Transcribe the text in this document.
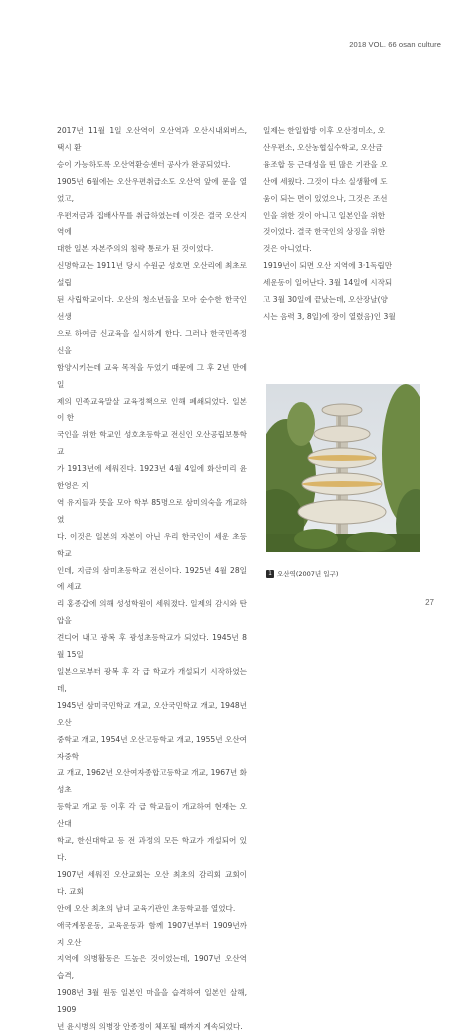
2018 VOL. 66 osan culture

2017년 11월 1일 오산역이 오산역과 오산시내외버스, 택시 환

승이 가능하도록 오산역환승센터 공사가 완공되었다.

1905년 6월에는 오산우편취급소도 오산역 앞에 문을 열었고,

우편저금과 집배사무를 취급하였는데 이것은 결국 오산지역에

대한 일본 자본주의의 침략 통로가 된 것이었다.

신명학교는 1911년 당시 수원군 성호면 오산리에 최초로 설립

된 사립학교이다. 오산의 청소년들을 모아 순수한 한국인 선생

으로 하여금 신교육을 실시하게 한다. 그러나 한국민족정신을

함양시키는데 교육 목적을 두었기 때문에 그 후 2년 만에 일

제의 민족교육말살 교육정책으로 인해 폐쇄되었다. 일본이 한

국인을 위한 학교인 성호초등학교 전신인 오산공립보통학교

가 1913년에 세워진다. 1923년 4월 4일에 화산미리 윤한영은 지

역 유지들과 뜻을 모아 학부 85명으로 삼미의숙을 개교하였

다. 이것은 일본의 자본이 아닌 우리 한국인이 세운 초등학교

인데, 지금의 삼미초등학교 전신이다. 1925년 4월 28일에 세교

리 홍종갑에 의해 성성학원이 세워졌다. 일제의 감시와 탄압을

견디어 내고 광복 후 광성초등학교가 되었다. 1945년 8월 15일

일본으로부터 광복 후 각 급 학교가 개설되기 시작하였는데,

1945년 삼미국민학교 개교, 오산국민학교 개교, 1948년 오산

중학교 개교, 1954년 오산고등학교 개교, 1955년 오산여자중학

교 개교, 1962년 오산여자종합고등학교 개교, 1967년 화성초

등학교 개교 등 이후 각 급 학교들이 개교하여 현재는 오산대

학교, 한신대학교 등 전 과정의 모든 학교가 개설되어 있다.

1907년 세워진 오산교회는 오산 최초의 감리회 교회이다. 교회

안에 오산 최초의 남녀 교육기관인 초등학교를 열었다.

애국계몽운동, 교육운동과 함께 1907년부터 1909년까지 오산

지역에 의병활동은 드높은 것이었는데, 1907년 오산역 습격,

1908년 3월 원동 일본인 마을을 습격하여 일본인 살해, 1909

년 윤시병의 의병장 안종정이 체포될 때까지 계속되었다.

일제는 한일합방 이후 오산정미소, 오

산우편소, 오산농협실수학교, 오산금

융조합 등 근대성을 띤 많은 기관을 오

산에 세웠다. 그것이 다소 실생활에 도

움이 되는 면이 있었으나, 그것은 조선

인을 위한 것이 아니고 일본인을 위한

것이었다. 결국 한국인의 상징을 위한

것은 아니었다.

1919년이 되면 오산 지역에 3·1독립만

세운동이 일어난다. 3월 14일에 시작되

고 3월 30일에 끝났는데, 오산장날(양

시는 음력 3, 8일)에 장이 열렸음)인 3월

1 오산역(2007년 입구)
27
